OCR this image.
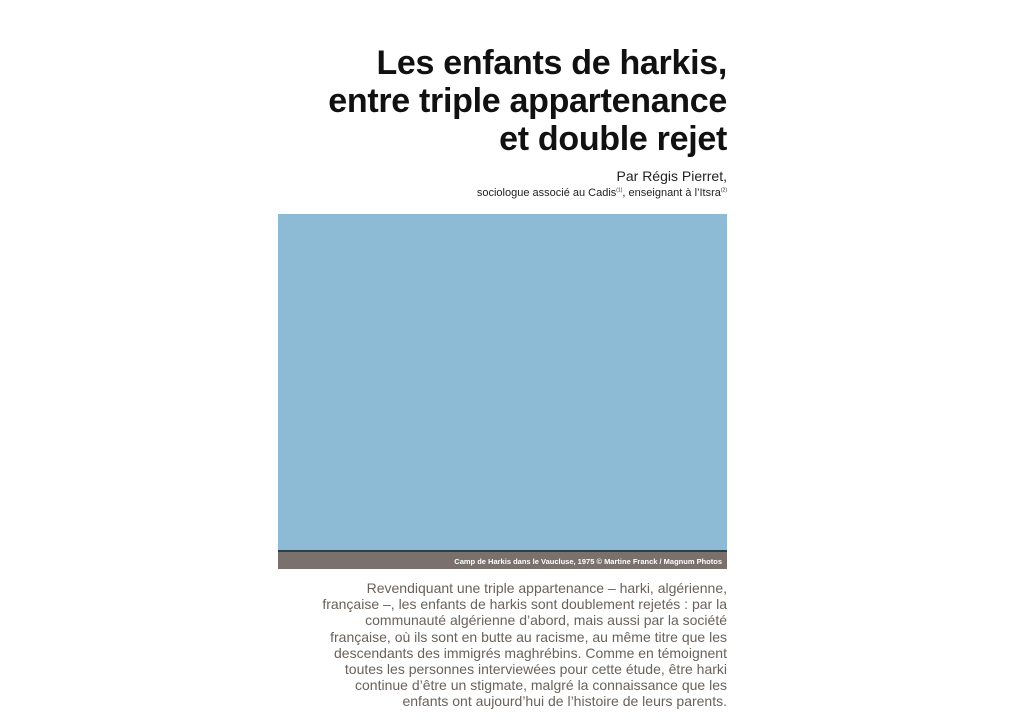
Les enfants de harkis,
entre triple appartenance
et double rejet
Par Régis Pierret,
sociologue associé au Cadis$^{(1)}$, enseignant à l’Itsra$^{(2)}$
Camp de Harkis dans le Vaucluse, 1975 © Martine Franck / Magnum Photos
Revendiquant une triple appartenance – harki, algérienne,
française –, les enfants de harkis sont doublement rejetés : par la
communauté algérienne d’abord, mais aussi par la société
française, où ils sont en butte au racisme, au même titre que les
descendants des immigrés maghrébins. Comme en témoignent
toutes les personnes interviewées pour cette étude, être harki
continue d’être un stigmate, malgré la connaissance que les
enfants ont aujourd’hui de l’histoire de leurs parents.
